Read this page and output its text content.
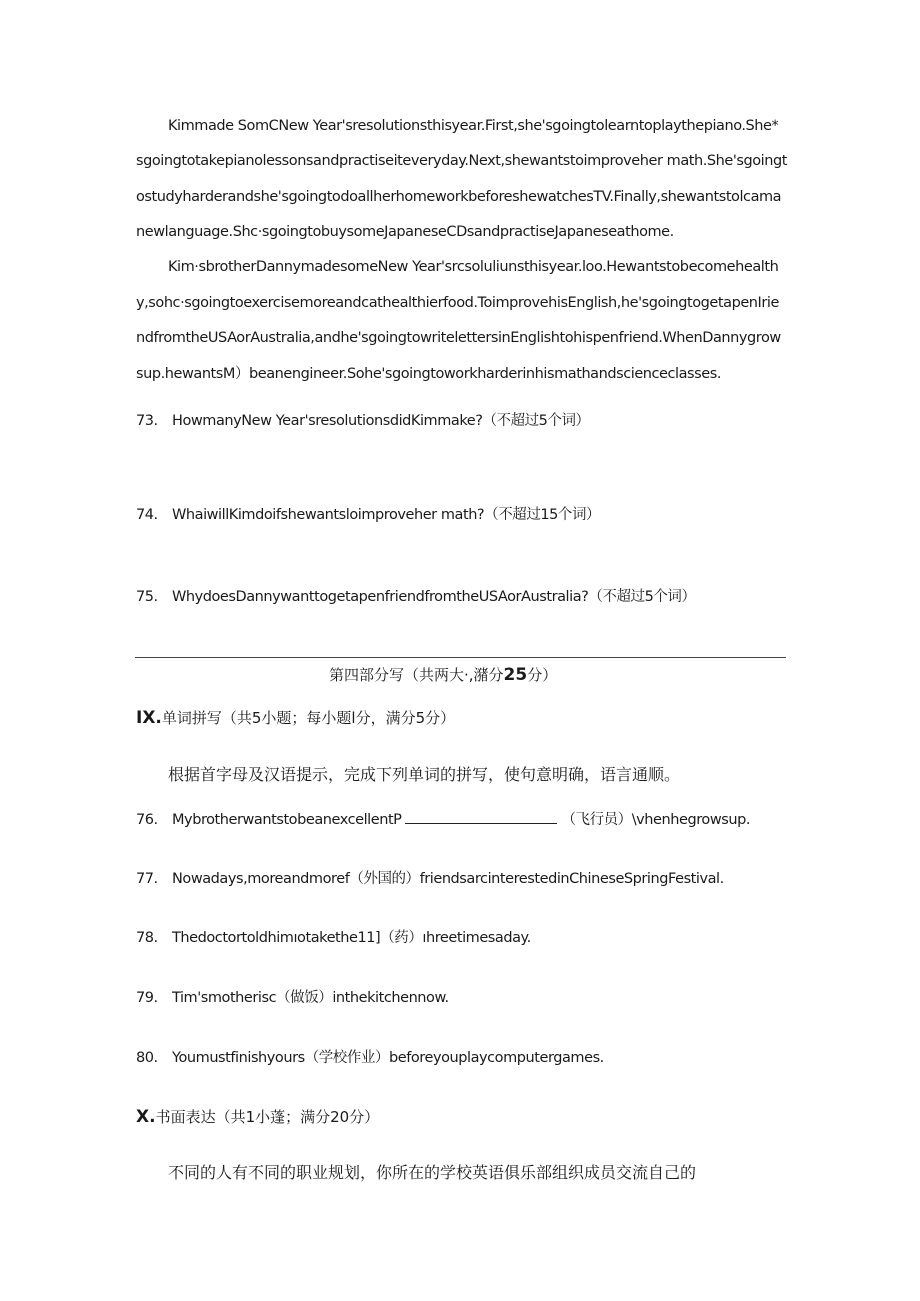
Kimmade SomCNew Year'sresolutionsthisyear.First,she'sgoingtolearntoplaythepiano.She*
sgoingtotakepianolessonsandpractiseiteveryday.Next,shewantstoimproveher math.She'sgoingt
ostudyharderandshe'sgoingtodoallherhomeworkbeforeshewatchesTV.Finally,shewantstolcama
newlanguage.Shc·sgoingtobuysomeJapaneseCDsandpractiseJapaneseathome.
Kim·sbrotherDannymadesomeNew Year'srcsoluliunsthisyear.loo.Hewantstobecomehealth
y,sohc·sgoingtoexercisemoreandcathealthierfood.ToimprovehisEnglish,he'sgoingtogetapenIrie
ndfromtheUSAorAustralia,andhe'sgoingtowritelettersinEnglishtohispenfriend.WhenDannygrow
sup.hewantsM）beanengineer.Sohe'sgoingtoworkharderinhismathandscienceclasses.
73. HowmanyNew Year'sresolutionsdidKimmake?（不超过5个词）
74. WhaiwillKimdoifshewantsloimproveher math?（不超过15个词）
75. WhydoesDannywanttogetapenfriendfromtheUSAorAustralia?（不超过5个词）
第四部分写（共两大·,潴分25分）
IX.单词拼写（共5小题；每小题l分，满分5分）
根据首字母及汉语提示，完成下列单词的拼写，使句意明确，语言通顺。
76. MybrotherwantstobeanexcellentP	（飞行员）\vhenhegrowsup.
77. Nowadays,moreandmoref（外国的）friendsarcinterestedinChineseSpringFestival.
78. Thedoctortoldhimıotakethe11]（药）ıhreetimesaday.
79. Tim'smotherisc（做饭）inthekitchennow.
80. Youmustfinishyours（学校作业）beforeyouplaycomputergames.
X.书面表达（共1小蓬；满分20分）
不同的人有不同的职业规划，你所在的学校英语俱乐部组织成员交流自己的
